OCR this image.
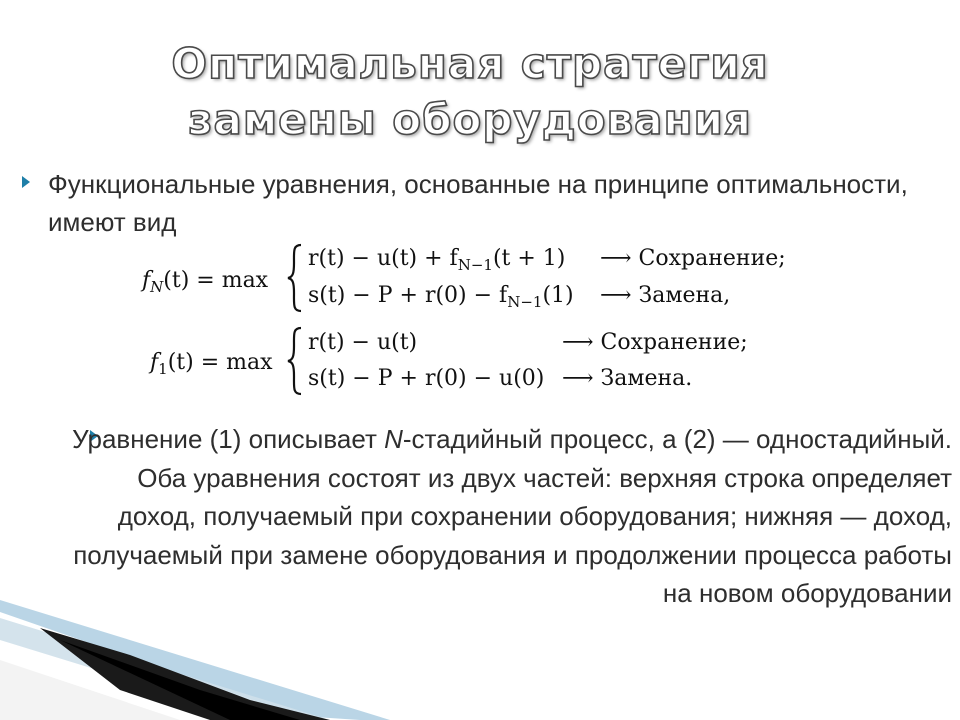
Оптимальная стратегия
замены оборудования
Функциональные уравнения, основанные на принципе оптимальности, имеют вид
$f_N(t) = \max$
$r(t) - u(t) + f_{N-1}(t + 1)$ ⟶ Сохранение;
$s(t) - P + r(0) - f_{N-1}(1)$ ⟶ Замена,
$f_1(t) = \max$
r(t) − u(t)	⟶ Сохранение;
s(t) − P + r(0) − u(0) ⟶ Замена.
Уравнение (1) описывает N-стадийный процесс, а (2) — одностадийный. Оба уравнения состоят из двух частей: верхняя строка определяет доход, получаемый при сохранении оборудования; нижняя — доход, получаемый при замене оборудования и продолжении процесса работы на новом оборудовании
